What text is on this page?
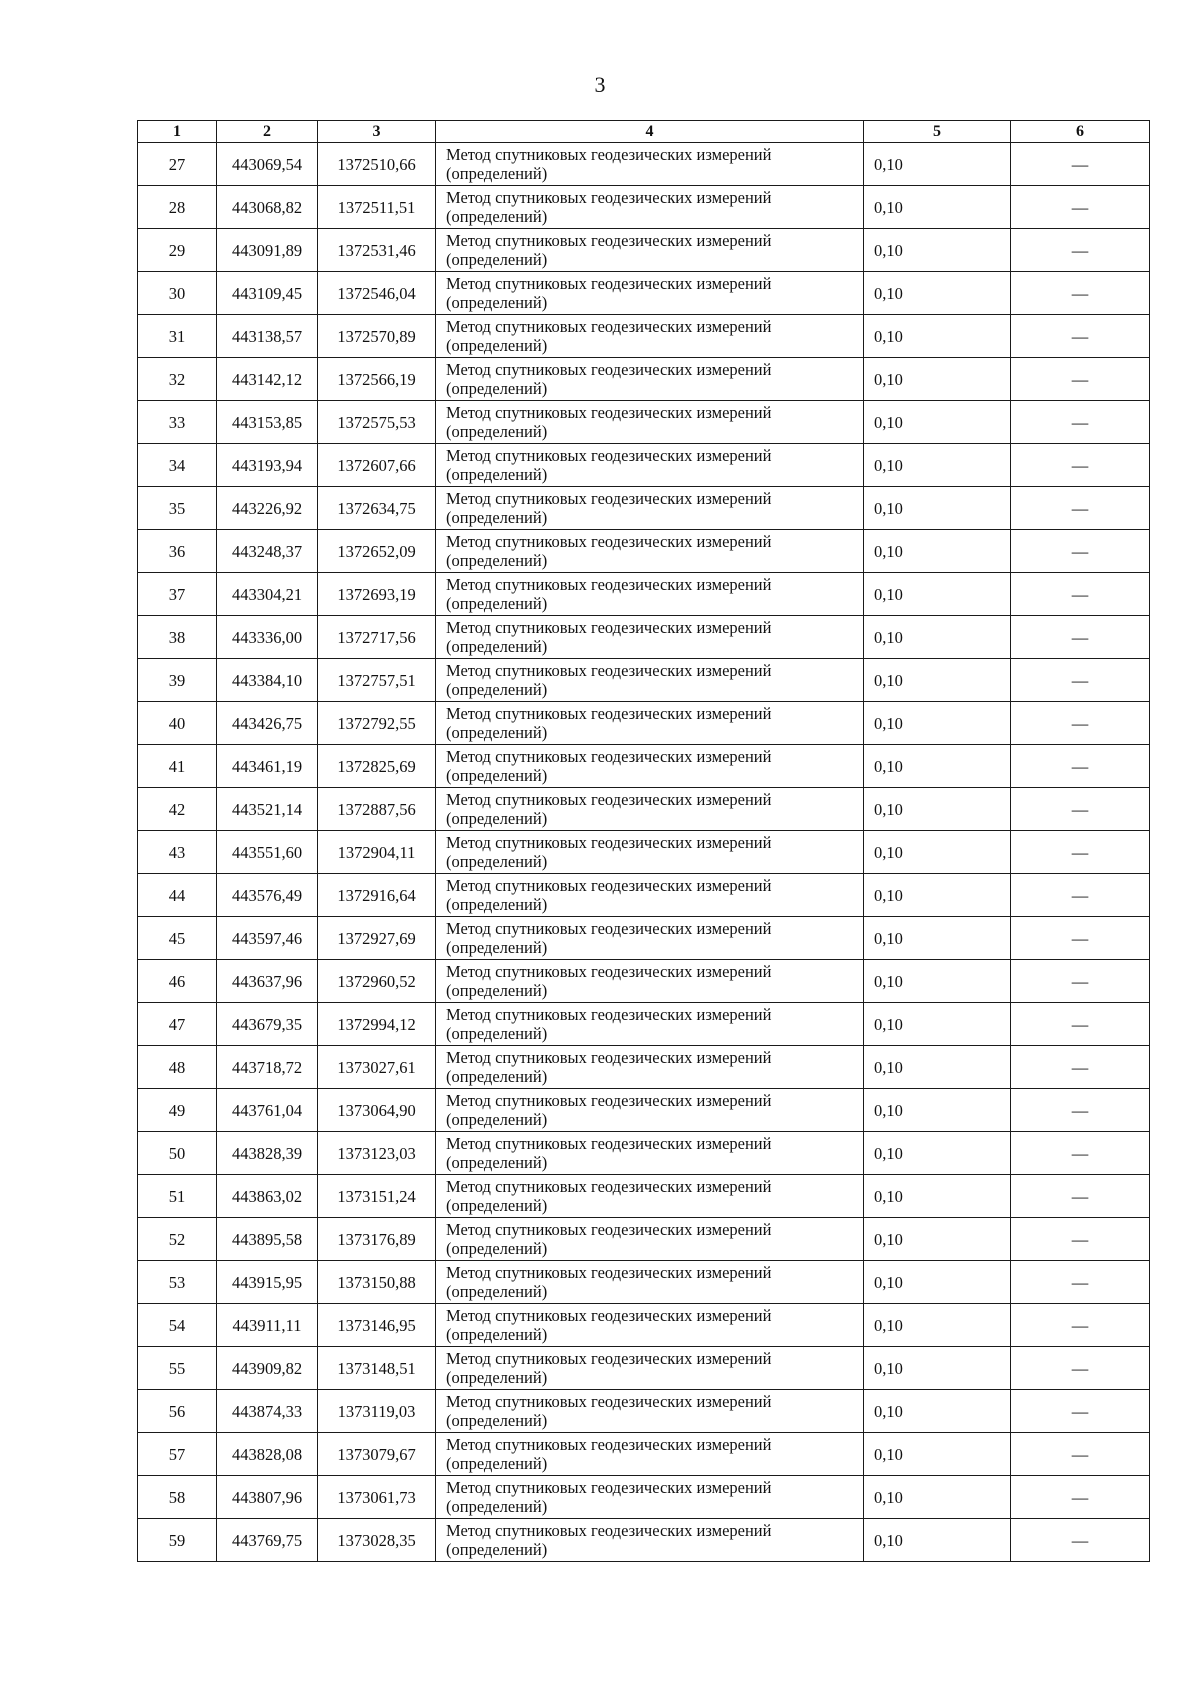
3
1	2	3	4	5	6
27	443069,54	1372510,66	Метод спутниковых геодезических измерений (определений)	0,10	—
28	443068,82	1372511,51	Метод спутниковых геодезических измерений (определений)	0,10	—
29	443091,89	1372531,46	Метод спутниковых геодезических измерений (определений)	0,10	—
30	443109,45	1372546,04	Метод спутниковых геодезических измерений (определений)	0,10	—
31	443138,57	1372570,89	Метод спутниковых геодезических измерений (определений)	0,10	—
32	443142,12	1372566,19	Метод спутниковых геодезических измерений (определений)	0,10	—
33	443153,85	1372575,53	Метод спутниковых геодезических измерений (определений)	0,10	—
34	443193,94	1372607,66	Метод спутниковых геодезических измерений (определений)	0,10	—
35	443226,92	1372634,75	Метод спутниковых геодезических измерений (определений)	0,10	—
36	443248,37	1372652,09	Метод спутниковых геодезических измерений (определений)	0,10	—
37	443304,21	1372693,19	Метод спутниковых геодезических измерений (определений)	0,10	—
38	443336,00	1372717,56	Метод спутниковых геодезических измерений (определений)	0,10	—
39	443384,10	1372757,51	Метод спутниковых геодезических измерений (определений)	0,10	—
40	443426,75	1372792,55	Метод спутниковых геодезических измерений (определений)	0,10	—
41	443461,19	1372825,69	Метод спутниковых геодезических измерений (определений)	0,10	—
42	443521,14	1372887,56	Метод спутниковых геодезических измерений (определений)	0,10	—
43	443551,60	1372904,11	Метод спутниковых геодезических измерений (определений)	0,10	—
44	443576,49	1372916,64	Метод спутниковых геодезических измерений (определений)	0,10	—
45	443597,46	1372927,69	Метод спутниковых геодезических измерений (определений)	0,10	—
46	443637,96	1372960,52	Метод спутниковых геодезических измерений (определений)	0,10	—
47	443679,35	1372994,12	Метод спутниковых геодезических измерений (определений)	0,10	—
48	443718,72	1373027,61	Метод спутниковых геодезических измерений (определений)	0,10	—
49	443761,04	1373064,90	Метод спутниковых геодезических измерений (определений)	0,10	—
50	443828,39	1373123,03	Метод спутниковых геодезических измерений (определений)	0,10	—
51	443863,02	1373151,24	Метод спутниковых геодезических измерений (определений)	0,10	—
52	443895,58	1373176,89	Метод спутниковых геодезических измерений (определений)	0,10	—
53	443915,95	1373150,88	Метод спутниковых геодезических измерений (определений)	0,10	—
54	443911,11	1373146,95	Метод спутниковых геодезических измерений (определений)	0,10	—
55	443909,82	1373148,51	Метод спутниковых геодезических измерений (определений)	0,10	—
56	443874,33	1373119,03	Метод спутниковых геодезических измерений (определений)	0,10	—
57	443828,08	1373079,67	Метод спутниковых геодезических измерений (определений)	0,10	—
58	443807,96	1373061,73	Метод спутниковых геодезических измерений (определений)	0,10	—
59	443769,75	1373028,35	Метод спутниковых геодезических измерений (определений)	0,10	—
